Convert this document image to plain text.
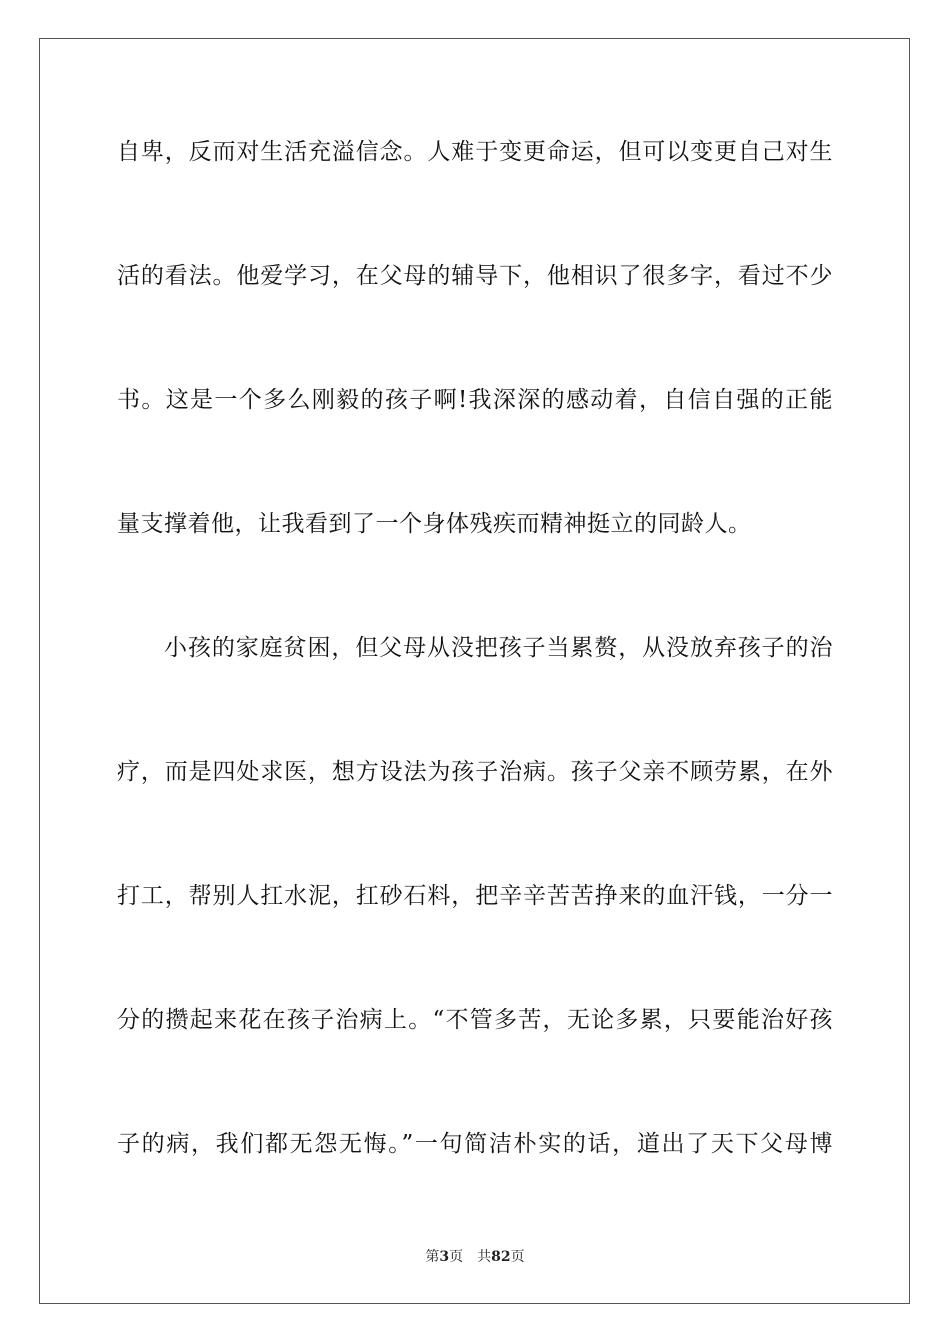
自卑，反而对生活充溢信念。人难于变更命运，但可以变更自己对生
活的看法。他爱学习，在父母的辅导下，他相识了很多字，看过不少
书。这是一个多么刚毅的孩子啊!我深深的感动着，自信自强的正能
量支撑着他，让我看到了一个身体残疾而精神挺立的同龄人。
小孩的家庭贫困，但父母从没把孩子当累赘，从没放弃孩子的治
疗，而是四处求医，想方设法为孩子治病。孩子父亲不顾劳累，在外
打工，帮别人扛水泥，扛砂石料，把辛辛苦苦挣来的血汗钱，一分一
分的攒起来花在孩子治病上。“不管多苦，无论多累，只要能治好孩
子的病，我们都无怨无悔。”一句简洁朴实的话，道出了天下父母博
第3页 共82页
